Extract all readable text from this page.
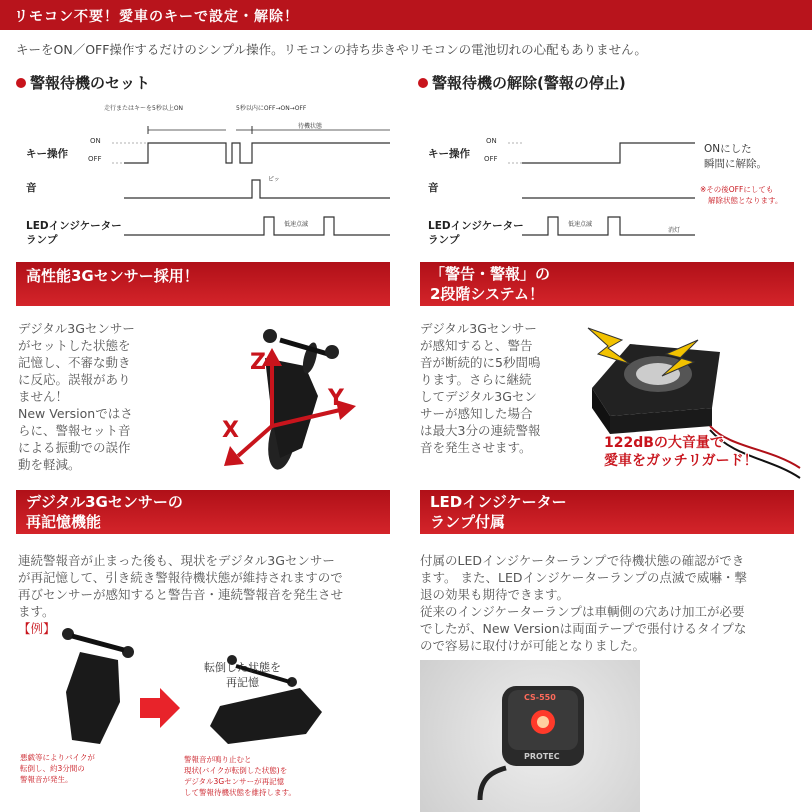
リモコン不要！愛車のキーで設定・解除！
キーをON／OFF操作するだけのシンプル操作。リモコンの持ち歩きやリモコンの電池切れの心配もありません。
警報待機のセット
走行またはキーを5秒以上ON	5秒以内にOFF→ON→OFF
待機状態
キー操作
ON
OFF
音
ピッ
LEDインジケーター
ランプ
低速点滅
警報待機の解除(警報の停止)
キー操作
ON
OFF
音
LEDインジケーター
ランプ
低速点滅
消灯
ONにした
瞬間に解除。
※その後OFFにしても
解除状態となります。
高性能3Gセンサー採用！
デジタル3Gセンサー
がセットした状態を
記憶し、不審な動き
に反応。誤報があり
ません！
New Versionではさ
らに、警報セット音
による振動での誤作
動を軽減。
Z
Y
X
「警告・警報」の
2段階システム！
デジタル3Gセンサー
が感知すると、警告
音が断続的に5秒間鳴
ります。さらに継続
してデジタル3Gセン
サーが感知した場合
は最大3分の連続警報
音を発生させます。	122dBの大音量で
愛車をガッチリガード！
デジタル3Gセンサーの
再記憶機能
連続警報音が止まった後も、現状をデジタル3Gセンサー
が再記憶して、引き続き警報待機状態が維持されますので
再びセンサーが感知すると警告音・連続警報音を発生させ
ます。
【例】
転倒した状態を
再記憶
悪戯等によりバイクが
転倒し、約3分間の
警報音が発生。
警報音が鳴り止むと
現状(バイクが転倒した状態)を
デジタル3Gセンサーが再記憶
して警報待機状態を維持します。
LEDインジケーター
ランプ付属
付属のLEDインジケーターランプで待機状態の確認ができ
ます。 また、LEDインジケーターランプの点滅で威嚇・撃
退の効果も期待できます。
従来のインジケーターランプは車輌側の穴あけ加工が必要
でしたが、New Versionは両面テープで張付けるタイプな
ので容易に取付けが可能となりました。
CS-550
PROTEC
